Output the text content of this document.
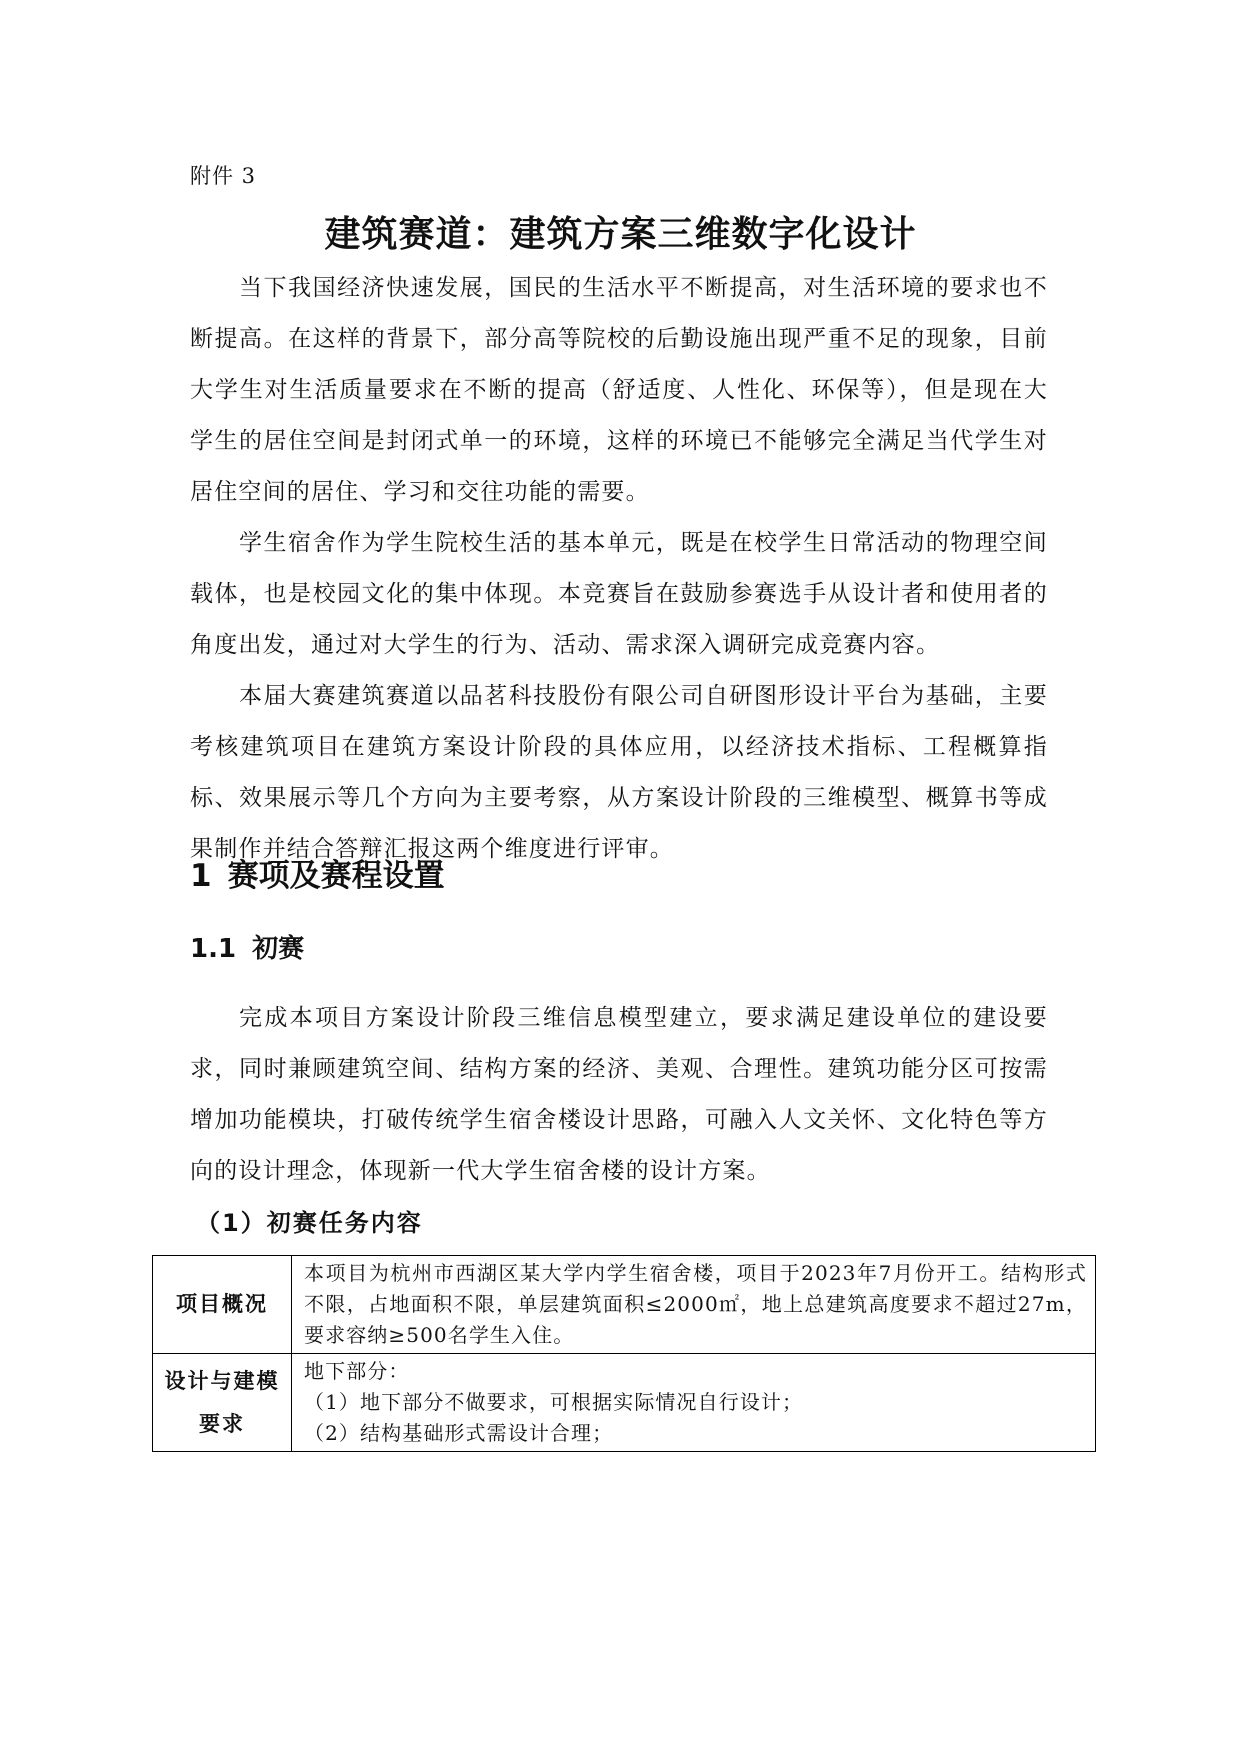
附件 3
建筑赛道：建筑方案三维数字化设计

当下我国经济快速发展，国民的生活水平不断提高，对生活环境的要求也不断提高。在这样的背景下，部分高等院校的后勤设施出现严重不足的现象，目前大学生对生活质量要求在不断的提高（舒适度、人性化、环保等），但是现在大学生的居住空间是封闭式单一的环境，这样的环境已不能够完全满足当代学生对居住空间的居住、学习和交往功能的需要。

学生宿舍作为学生院校生活的基本单元，既是在校学生日常活动的物理空间载体，也是校园文化的集中体现。本竞赛旨在鼓励参赛选手从设计者和使用者的角度出发，通过对大学生的行为、活动、需求深入调研完成竞赛内容。

本届大赛建筑赛道以品茗科技股份有限公司自研图形设计平台为基础，主要考核建筑项目在建筑方案设计阶段的具体应用，以经济技术指标、工程概算指标、效果展示等几个方向为主要考察，从方案设计阶段的三维模型、概算书等成果制作并结合答辩汇报这两个维度进行评审。

1 赛项及赛程设置
1.1 初赛

完成本项目方案设计阶段三维信息模型建立，要求满足建设单位的建设要求，同时兼顾建筑空间、结构方案的经济、美观、合理性。建筑功能分区可按需增加功能模块，打破传统学生宿舍楼设计思路，可融入人文关怀、文化特色等方向的设计理念，体现新一代大学生宿舍楼的设计方案。

（1）初赛任务内容
项目概况	本项目为杭州市西湖区某大学内学生宿舍楼，项目于2023年7月份开工。结构形式不限，占地面积不限，单层建筑面积≤2000㎡，地上总建筑高度要求不超过27m，要求容纳≥500名学生入住。

设计与建模要求	地下部分：
（1）地下部分不做要求，可根据实际情况自行设计；
（2）结构基础形式需设计合理；
